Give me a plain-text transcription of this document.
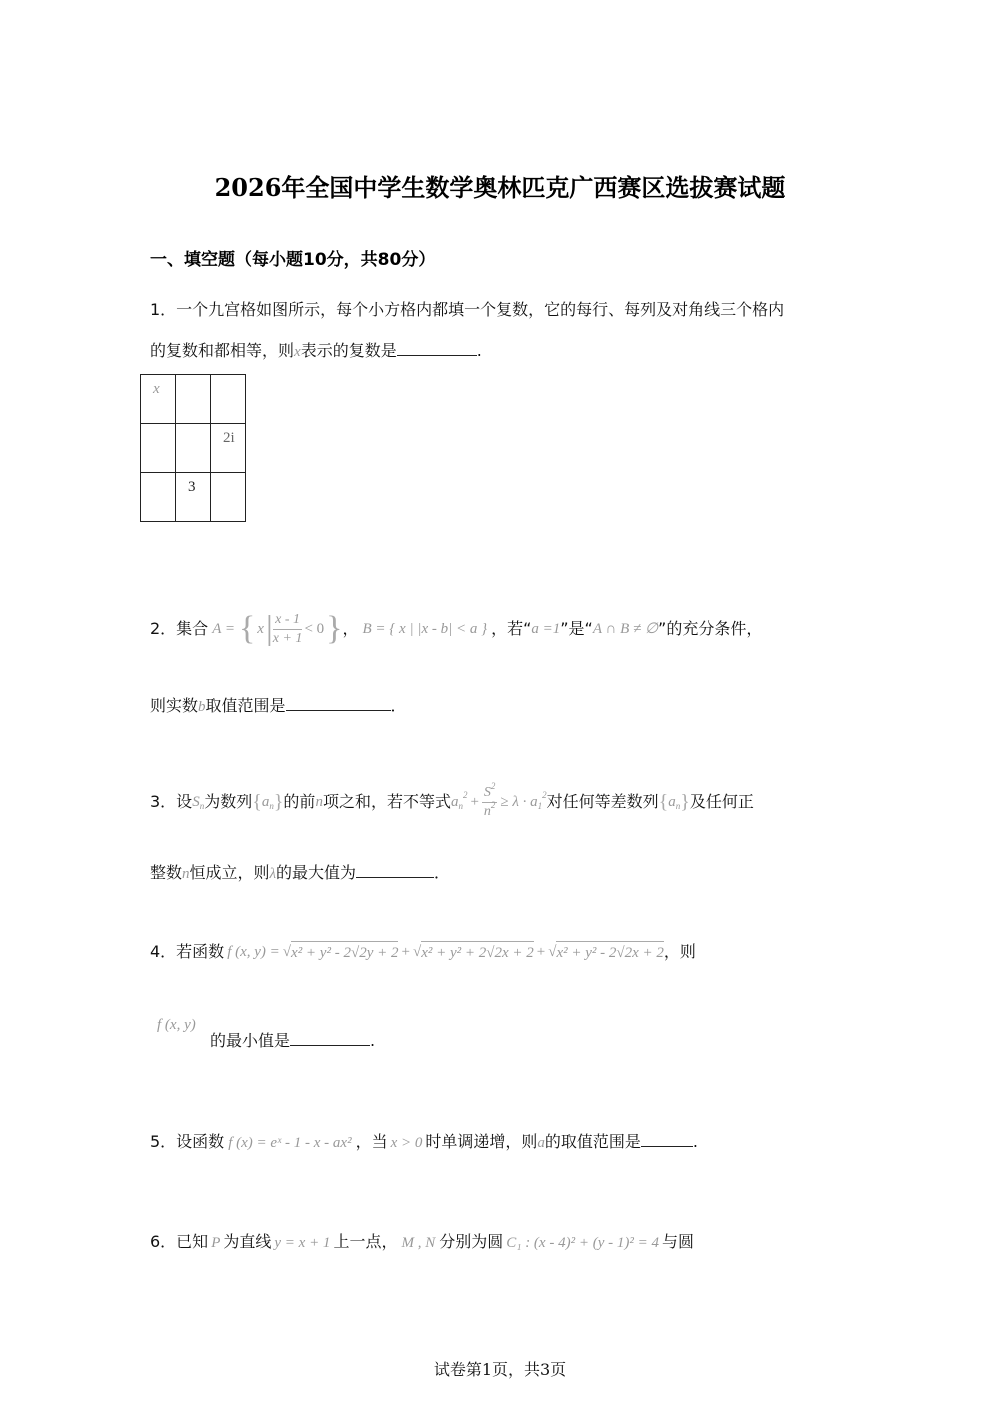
2026年全国中学生数学奥林匹克广西赛区选拔赛试题
一、填空题（每小题10分，共80分）
1．一个九宫格如图所示，每个小方格内都填一个复数，它的每行、每列及对角线三个格内
的复数和都相等，则x表示的复数是	.
x		
		2i
	3	
2．集合 A = { x | $\frac{x - 1}{x + 1} < 0$ } ， B = { x | |x - b| < a } ，若“ a =1 ”是“ A ∩ B ≠ ∅ ”的充分条件，
则实数b取值范围是	．
3．设 S n 为数列 { a n } 的前 n 项之和，若不等式 a n
$2 + \frac{S^2}{n^2} \ge \lambda \cdot a$ 1
2 对任何等差数列 { a n } 及任何正
整数n恒成立，则λ的最大值为	．
4．若函数 f (x, y) = √ x² + y² - 2√2y + 2 + √ x² + y² + 2√2x + 2 + √ x² + y² - 2√2x + 2 ，则
f (x, y)
的最小值是	.
5．设函数 f (x) = eˣ - 1 - x - ax² ，当 x > 0 时单调递增，则a的取值范围是	.
6．已知 P 为直线 y = x + 1 上一点， M , N 分别为圆 C₁ : (x - 4)² + (y - 1)² = 4 与圆
试卷第1页，共3页
